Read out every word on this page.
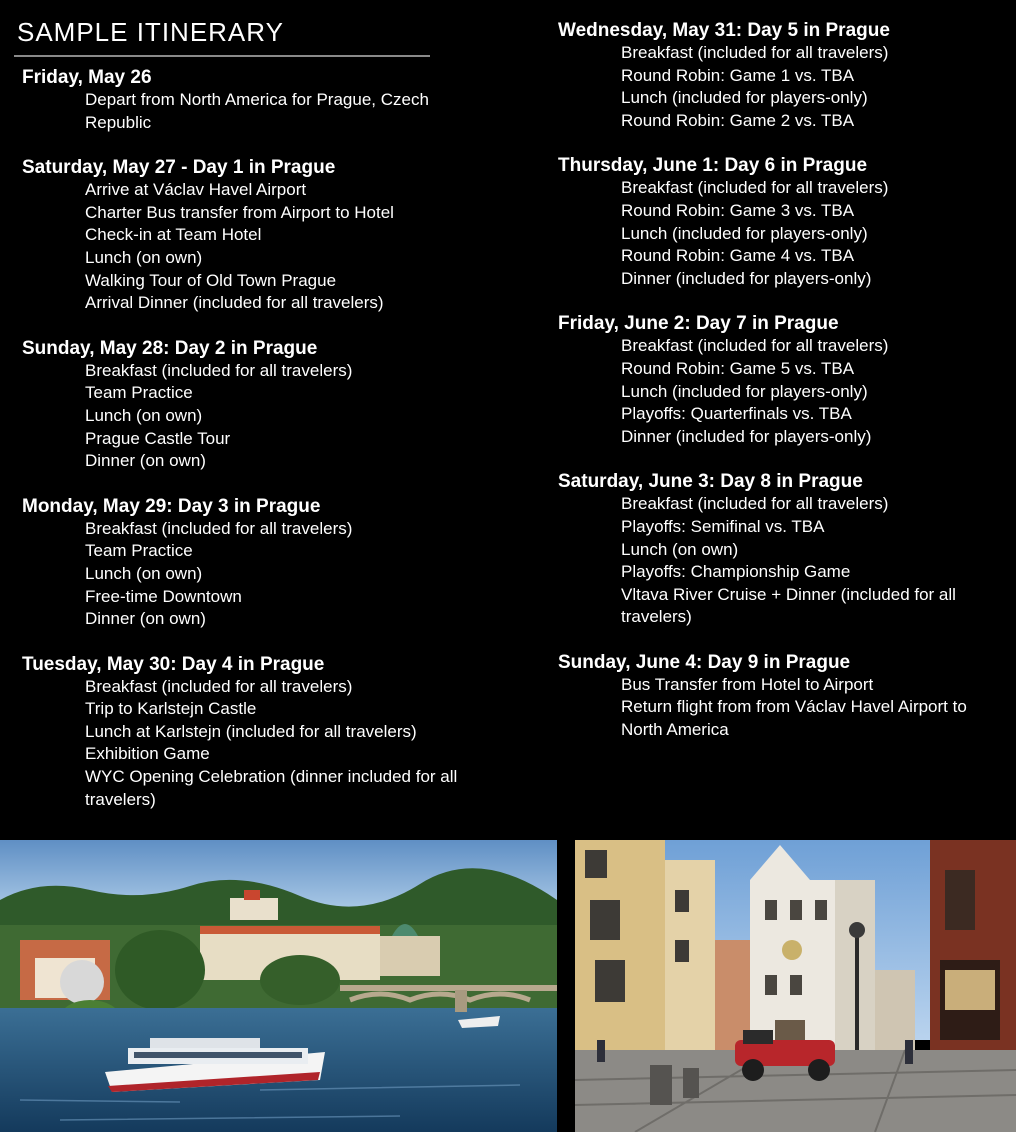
SAMPLE ITINERARY
Friday, May 26
Depart from North America for Prague, Czech Republic
Saturday, May 27 - Day 1 in Prague
Arrive at Václav Havel Airport
Charter Bus transfer from Airport to Hotel
Check-in at Team Hotel
Lunch (on own)
Walking Tour of Old Town Prague
Arrival Dinner (included for all travelers)
Sunday, May 28: Day 2 in Prague
Breakfast (included for all travelers)
Team Practice
Lunch (on own)
Prague Castle Tour
Dinner (on own)
Monday, May 29: Day 3 in Prague
Breakfast (included for all travelers)
Team Practice
Lunch (on own)
Free-time Downtown
Dinner (on own)
Tuesday, May 30: Day 4 in Prague
Breakfast (included for all travelers)
Trip to Karlstejn Castle
Lunch at Karlstejn (included for all travelers)
Exhibition Game
WYC Opening Celebration (dinner included for all travelers)
Wednesday, May 31: Day 5 in Prague
Breakfast (included for all travelers)
Round Robin: Game 1 vs. TBA
Lunch (included for players-only)
Round Robin: Game 2 vs. TBA
Thursday, June 1: Day 6 in Prague
Breakfast (included for all travelers)
Round Robin: Game 3 vs. TBA
Lunch (included for players-only)
Round Robin: Game 4 vs. TBA
Dinner (included for players-only)
Friday, June 2: Day 7 in Prague
Breakfast (included for all travelers)
Round Robin: Game 5 vs. TBA
Lunch (included for players-only)
Playoffs: Quarterfinals vs. TBA
Dinner (included for players-only)
Saturday, June 3: Day 8 in Prague
Breakfast (included for all travelers)
Playoffs: Semifinal vs. TBA
Lunch (on own)
Playoffs: Championship Game
Vltava River Cruise + Dinner (included for all travelers)
Sunday, June 4: Day 9 in Prague
Bus Transfer from Hotel to Airport
Return flight from from Václav Havel Airport to North America
